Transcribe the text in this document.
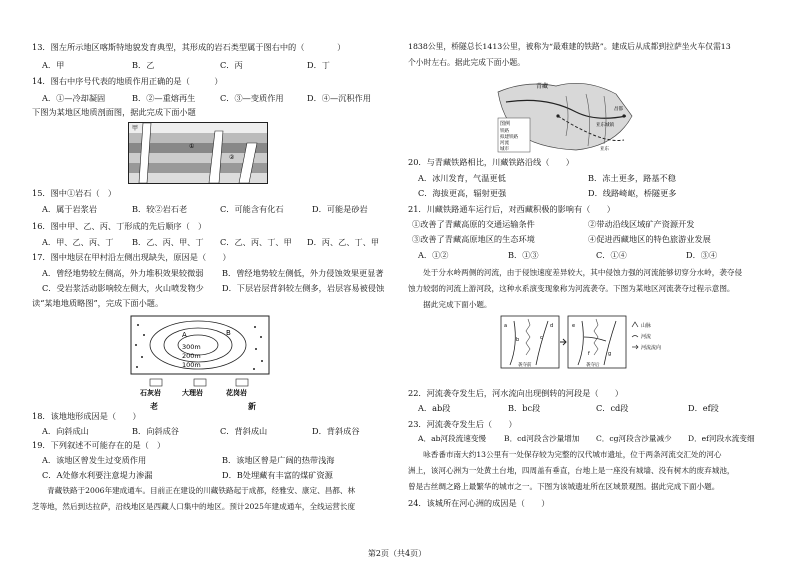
13．图左所示地区喀斯特地貌发育典型，其形成的岩石类型属于图右中的（　　　　）
A．甲	B．乙	C．丙	D．丁
14．图右中序号代表的地质作用正确的是（　　　）
A．①—冷却凝固	B．②—重熔再生	C．③—变质作用	D．④—沉积作用
下图为某地区地质剖面图，据此完成下面小题
甲
①
②
15．图中①岩石（　）
A．属于岩浆岩	B．较②岩石老	C．可能含有化石	D．可能是砂岩
16．图中甲、乙、丙、丁形成的先后顺序（　）
A．甲、乙、丙、丁 B．乙、丙、甲、丁 C．乙、丙、丁、甲 D．丙、乙、丁、甲
17．图中地层在甲村沿左侧出现缺失，原因是（　　）
A．曾经地势较左侧高，外力堆积效果较微弱 B．曾经地势较左侧低，外力侵蚀效果更显著
C．受岩浆活动影响较左侧大，火山喷发物少 D．下层岩层背斜较左侧多，岩层容易被侵蚀
读“某地地质略图”，完成下面小题。
A	B
300m
200m
100m
石灰岩	大理岩	花岗岩
老	新
18．该地地形成因是（　　）
A．向斜成山	B．向斜成谷	C．背斜成山	D．背斜成谷
19．下列叙述不可能存在的是（　）
A．该地区曾发生过变质作用	B．该地区曾是广阔的热带浅海
C．A处修水利要注意堤力渗漏	D．B处埋藏有丰富的煤矿资源
　　青藏铁路于2006年建成通车。目前正在建设的川藏铁路起于成都，经雅安、康定、昌都、林
芝等地，然后到达拉萨，沿线地区是西藏人口集中的地区。预计2025年建成通车，全线运营长度
1838公里，桥隧总长1413公里，被称为“最难建的铁路”。建成后从成都到拉萨坐火车仅需13
个小时左右。据此完成下面小题。
青藏
图例
铁路
拟建铁路
河流
城市	亚东
昌都
亚东城镇
20．与青藏铁路相比，川藏铁路沿线（　　）
A．冰川发育，气温更低	B．冻土更多，路基不稳
C．海拔更高，辐射更强	D．线路崎岖，桥隧更多
21．川藏铁路通车运行后，对西藏积极的影响有（　　）
①改善了青藏高原的交通运输条件	②带动沿线区域矿产资源开发
③改善了青藏高原地区的生态环境	④促进西藏地区的特色旅游业发展
A．①②	B．①③	C．①④	D．③④
　　处于分水岭两侧的河流，由于侵蚀速度差异较大，其中侵蚀力强的河流能够切穿分水岭，袭夺侵
蚀力较弱的河流上游河段，这种水系演变现象称为河流袭夺。下图为某地区河流袭夺过程示意图。
　　据此完成下面小题。
a
b	c
d	e
f	g
袭夺前	袭夺后
山脉
河流
河流流向
22．河流袭夺发生后，河水流向出现倒转的河段是（　　）
A．ab段	B．bc段	C．cd段	D．ef段
23．河流袭夺发生后（　　）
A．ab河段流速变慢 B．cd河段含沙量增加 C．cg河段含沙量减少 D．ef河段水流变细
　　咏香番市南大约13公里有一处保存较为完整的汉代城市遗址，位于两条河流交汇处的河心
洲上，该河心洲为一处黄土台地，四周盖有垂直，台地上是一座没有城墙、没有树木的废弃城池，
曾是古丝绸之路上最繁华的城市之一。下图为该城遗址所在区域景观图。据此完成下面小题。
24．该城所在河心洲的成因是（　　）
第2页（共4页）
